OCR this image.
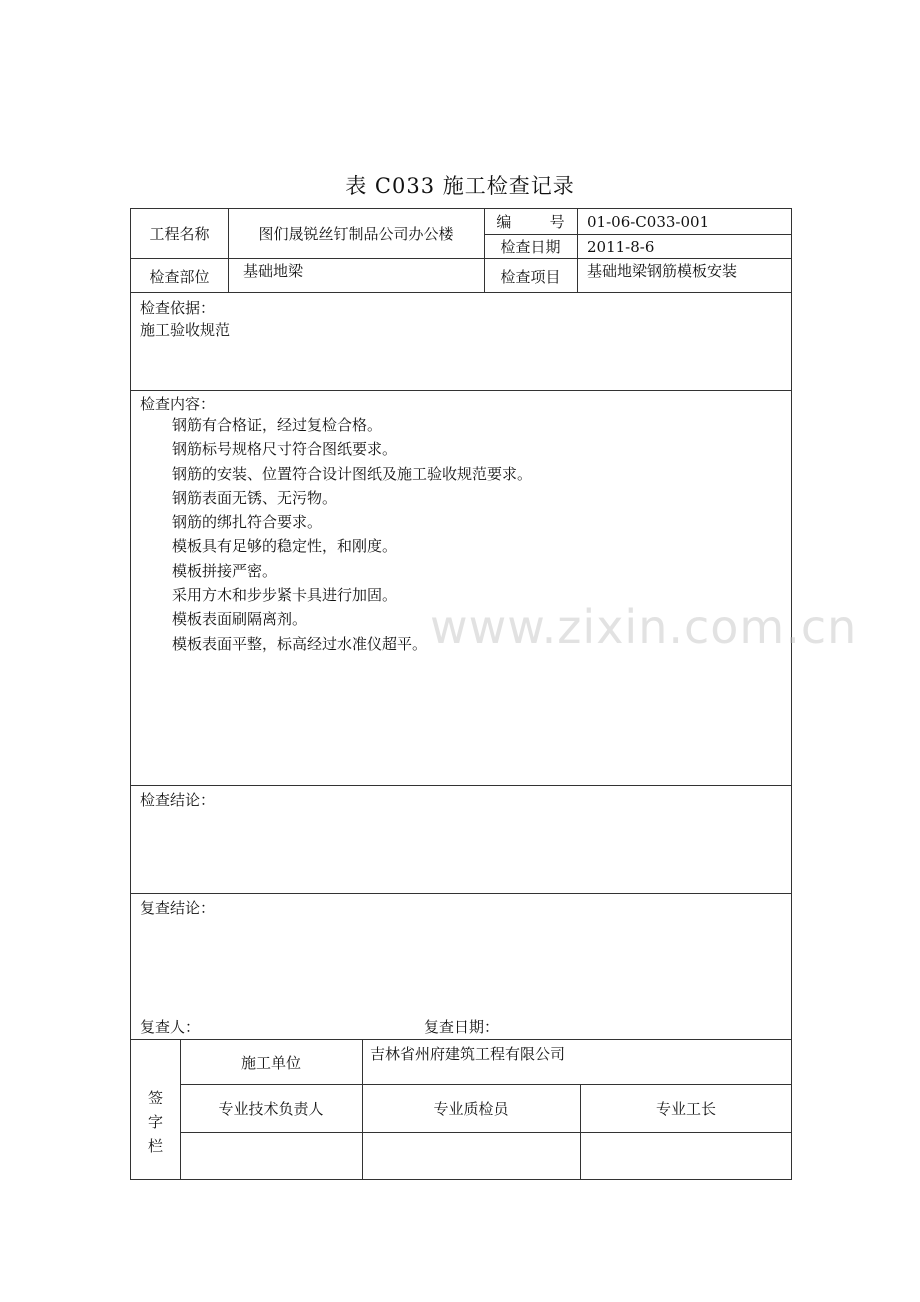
表 C033 施工检查记录
工程名称	图们晟锐丝钉制品公司办公楼
编        号	01-06-C033-001
检查日期	2011-8-6
检查部位	基础地梁	检查项目	基础地梁钢筋模板安装
检查依据：
施工验收规范
检查内容：
钢筋有合格证，经过复检合格。
钢筋标号规格尺寸符合图纸要求。
钢筋的安装、位置符合设计图纸及施工验收规范要求。
钢筋表面无锈、无污物。
钢筋的绑扎符合要求。
模板具有足够的稳定性，和刚度。
模板拼接严密。
采用方木和步步紧卡具进行加固。
模板表面刷隔离剂。
模板表面平整，标高经过水准仪超平。
检查结论：
复查结论：
复查人：	复查日期：
签
字
栏
施工单位	吉林省州府建筑工程有限公司
专业技术负责人	专业质检员	专业工长
www.zixin.com.cn
